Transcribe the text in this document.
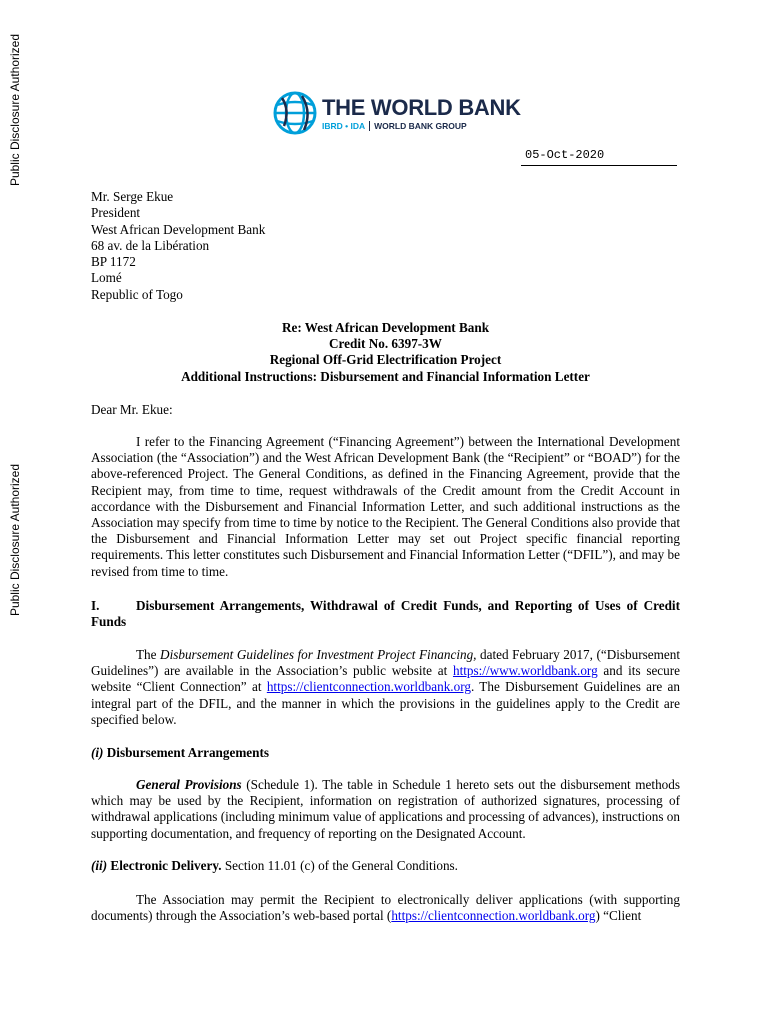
Public Disclosure Authorized
Public Disclosure Authorized
THE WORLD BANK
IBRD • IDA WORLD BANK GROUP
05-Oct-2020
Mr. Serge Ekue
President
West African Development Bank
68 av. de la Libération
BP 1172
Lomé
Republic of Togo
Re: West African Development Bank
Credit No. 6397-3W
Regional Off-Grid Electrification Project
Additional Instructions: Disbursement and Financial Information Letter
Dear Mr. Ekue:
I refer to the Financing Agreement (“Financing Agreement”) between the International Development Association (the “Association”) and the West African Development Bank (the “Recipient” or “BOAD”) for the above-referenced Project. The General Conditions, as defined in the Financing Agreement, provide that the Recipient may, from time to time, request withdrawals of the Credit amount from the Credit Account in accordance with the Disbursement and Financial Information Letter, and such additional instructions as the Association may specify from time to time by notice to the Recipient. The General Conditions also provide that the Disbursement and Financial Information Letter may set out Project specific financial reporting requirements. This letter constitutes such Disbursement and Financial Information Letter (“DFIL”), and may be revised from time to time.
I.	Disbursement Arrangements, Withdrawal of Credit Funds, and Reporting of Uses of Credit Funds
The Disbursement Guidelines for Investment Project Financing, dated February 2017, (“Disbursement Guidelines”) are available in the Association’s public website at https://www.worldbank.org and its secure website “Client Connection” at https://clientconnection.worldbank.org. The Disbursement Guidelines are an integral part of the DFIL, and the manner in which the provisions in the guidelines apply to the Credit are specified below.
(i) Disbursement Arrangements
General Provisions (Schedule 1). The table in Schedule 1 hereto sets out the disbursement methods which may be used by the Recipient, information on registration of authorized signatures, processing of withdrawal applications (including minimum value of applications and processing of advances), instructions on supporting documentation, and frequency of reporting on the Designated Account.
(ii) Electronic Delivery. Section 11.01 (c) of the General Conditions.
The Association may permit the Recipient to electronically deliver applications (with supporting documents) through the Association’s web-based portal (https://clientconnection.worldbank.org) “Client
